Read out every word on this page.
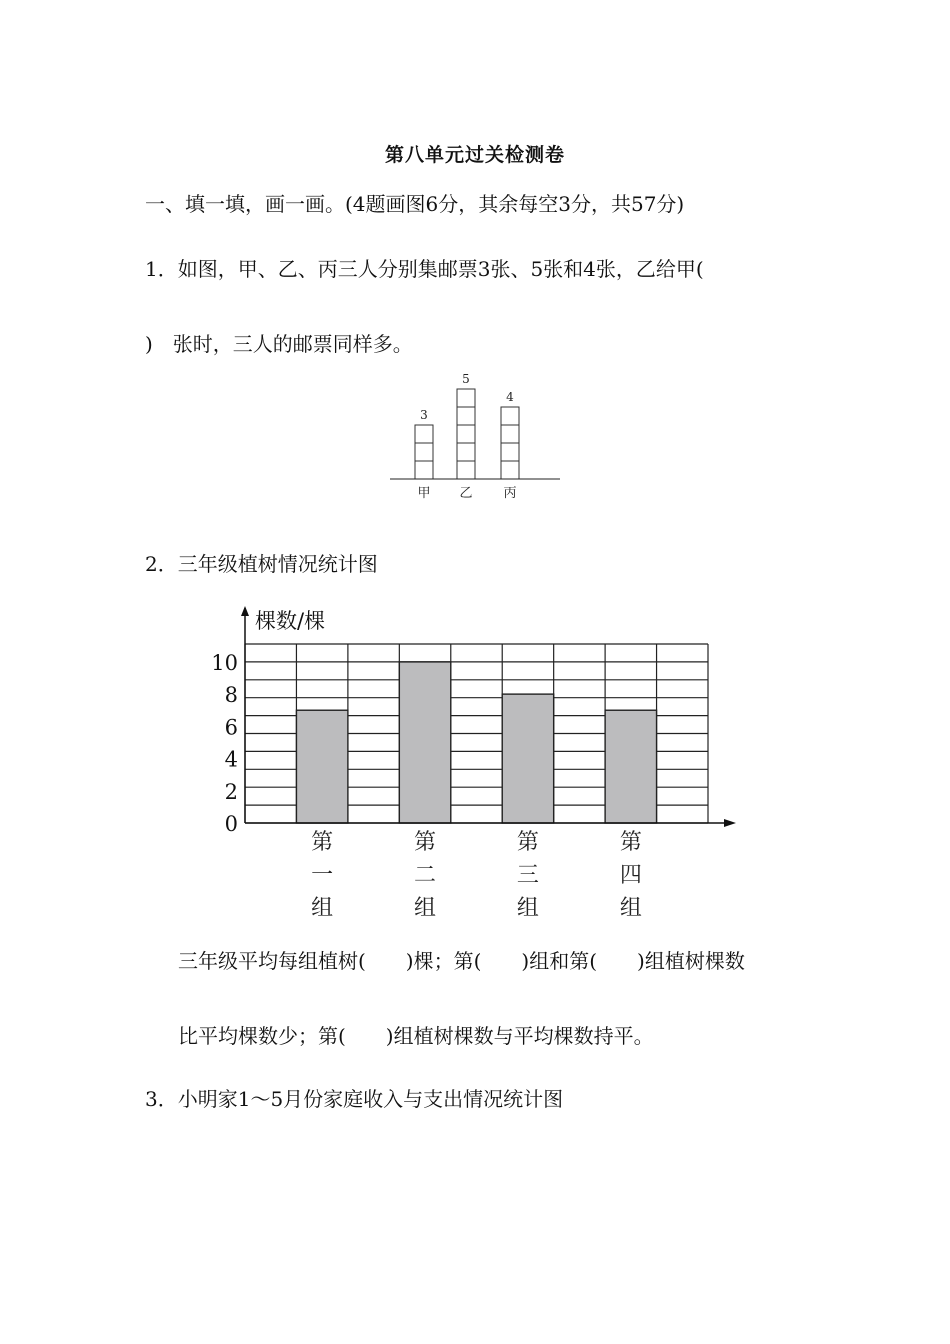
第八单元过关检测卷
一、填一填，画一画。(4题画图6分，其余每空3分，共57分)
1．如图，甲、乙、丙三人分别集邮票3张、5张和4张，乙给甲(
)　张时，三人的邮票同样多。
3
甲
5
乙
4
丙
2．三年级植树情况统计图
棵数/棵
0
2
4
6
8
10
第
一
组
第
二
组
第
三
组
第
四
组
三年级平均每组植树(　　)棵；第(　　)组和第(　　)组植树棵数
比平均棵数少；第(　　)组植树棵数与平均棵数持平。
3．小明家1～5月份家庭收入与支出情况统计图
